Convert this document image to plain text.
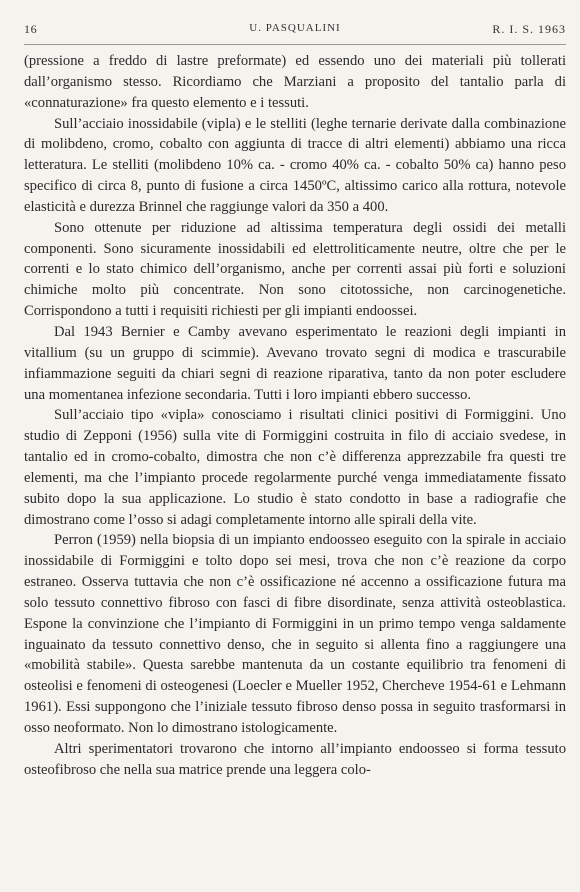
16	U. PASQUALINI	R. I. S. 1963

(pressione a freddo di lastre preformate) ed essendo uno dei materiali più tollerati dall’organismo stesso. Ricordiamo che Marziani a proposito del tantalio parla di «connaturazione» fra questo elemento e i tessuti.

Sull’acciaio inossidabile (vipla) e le stelliti (leghe ternarie derivate dalla combinazione di molibdeno, cromo, cobalto con aggiunta di tracce di altri elementi) abbiamo una ricca letteratura. Le stelliti (molibdeno 10% ca. - cromo 40% ca. - cobalto 50% ca) hanno peso specifico di circa 8, punto di fusione a circa 1450ºC, altissimo carico alla rottura, notevole elasticità e durezza Brinnel che raggiunge valori da 350 a 400.

Sono ottenute per riduzione ad altissima temperatura degli ossidi dei metalli componenti. Sono sicuramente inossidabili ed elettroliticamente neutre, oltre che per le correnti e lo stato chimico dell’organismo, anche per correnti assai più forti e soluzioni chimiche molto più concentrate. Non sono citotossiche, non carcinogenetiche. Corrispondono a tutti i requisiti richiesti per gli impianti endoossei.

Dal 1943 Bernier e Camby avevano esperimentato le reazioni degli impianti in vitallium (su un gruppo di scimmie). Avevano trovato segni di modica e trascurabile infiammazione seguiti da chiari segni di reazione riparativa, tanto da non poter escludere una momentanea infezione secondaria. Tutti i loro impianti ebbero successo.

Sull’acciaio tipo «vipla» conosciamo i risultati clinici positivi di Formiggini. Uno studio di Zepponi (1956) sulla vite di Formiggini costruita in filo di acciaio svedese, in tantalio ed in cromo-cobalto, dimostra che non c’è differenza apprezzabile fra questi tre elementi, ma che l’impianto procede regolarmente purché venga immediatamente fissato subito dopo la sua applicazione. Lo studio è stato condotto in base a radiografie che dimostrano come l’osso si adagi completamente intorno alle spirali della vite.

Perron (1959) nella biopsia di un impianto endoosseo eseguito con la spirale in acciaio inossidabile di Formiggini e tolto dopo sei mesi, trova che non c’è reazione da corpo estraneo. Osserva tuttavia che non c’è ossificazione né accenno a ossificazione futura ma solo tessuto connettivo fibroso con fasci di fibre disordinate, senza attività osteoblastica. Espone la convinzione che l’impianto di Formiggini in un primo tempo venga saldamente inguainato da tessuto connettivo denso, che in seguito si allenta fino a raggiungere una «mobilità stabile». Questa sarebbe mantenuta da un costante equilibrio tra fenomeni di osteolisi e fenomeni di osteogenesi (Loecler e Mueller 1952, Chercheve 1954-61 e Lehmann 1961). Essi suppongono che l’iniziale tessuto fibroso denso possa in seguito trasformarsi in osso neoformato. Non lo dimostrano istologicamente.

Altri sperimentatori trovarono che intorno all’impianto endoosseo si forma tessuto osteofibroso che nella sua matrice prende una leggera colo-
